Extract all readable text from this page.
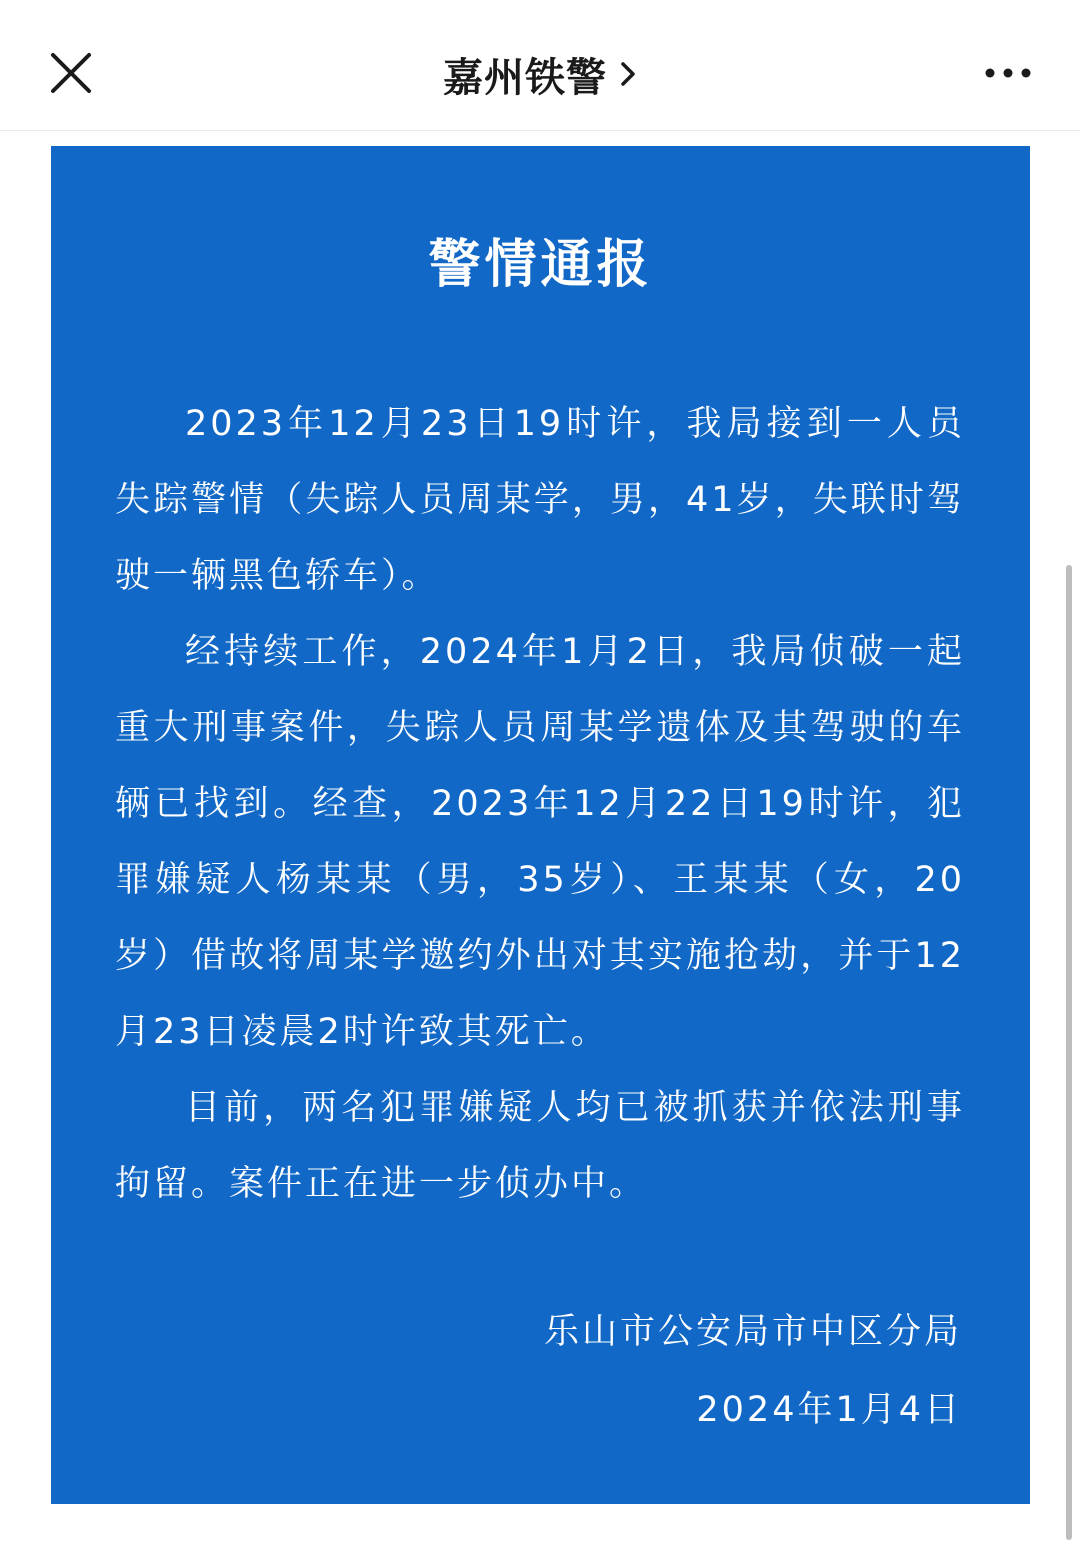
嘉州铁警
警情通报

2023年12月23日19时许，我局接到一人员失踪警情（失踪人员周某学，男，41岁，失联时驾驶一辆黑色轿车）。

经持续工作，2024年1月2日，我局侦破一起重大刑事案件，失踪人员周某学遗体及其驾驶的车辆已找到。经查，2023年12月22日19时许，犯罪嫌疑人杨某某（男，35岁）、王某某（女，20岁）借故将周某学邀约外出对其实施抢劫，并于12月23日凌晨2时许致其死亡。

目前，两名犯罪嫌疑人均已被抓获并依法刑事拘留。案件正在进一步侦办中。

乐山市公安局市中区分局
2024年1月4日
